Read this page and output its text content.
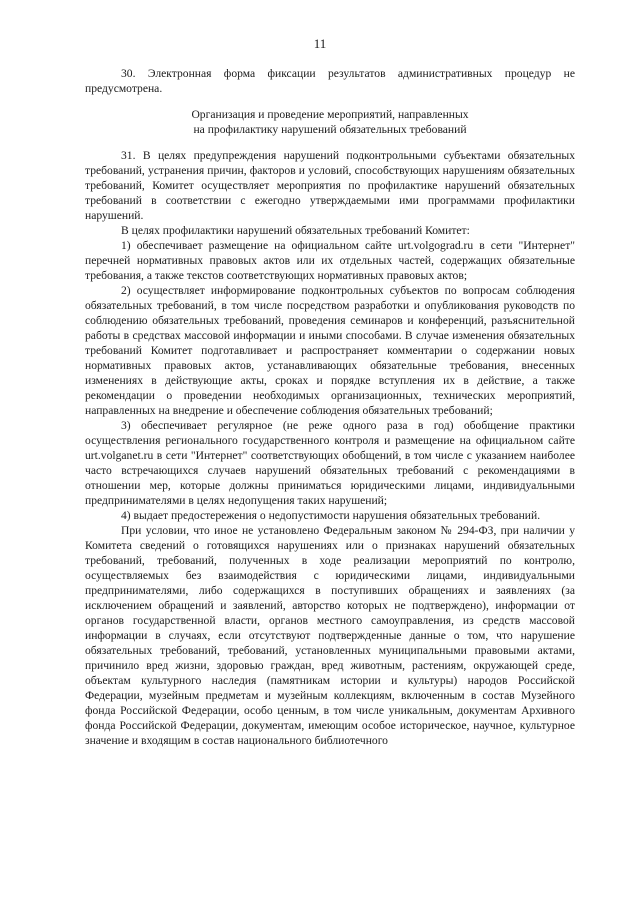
11

30. Электронная форма фиксации результатов административных процедур не предусмотрена.

Организация и проведение мероприятий, направленных
на профилактику нарушений обязательных требований

31. В целях предупреждения нарушений подконтрольными субъектами обязательных требований, устранения причин, факторов и условий, способствующих нарушениям обязательных требований, Комитет осуществляет мероприятия по профилактике нарушений обязательных требований в соответствии с ежегодно утверждаемыми ими программами профилактики нарушений.

В целях профилактики нарушений обязательных требований Комитет:

1) обеспечивает размещение на официальном сайте urt.volgograd.ru в сети "Интернет" перечней нормативных правовых актов или их отдельных частей, содержащих обязательные требования, а также текстов соответствующих нормативных правовых актов;

2) осуществляет информирование подконтрольных субъектов по вопросам соблюдения обязательных требований, в том числе посредством разработки и опубликования руководств по соблюдению обязательных требований, проведения семинаров и конференций, разъяснительной работы в средствах массовой информации и иными способами. В случае изменения обязательных требований Комитет подготавливает и распространяет комментарии о содержании новых нормативных правовых актов, устанавливающих обязательные требования, внесенных изменениях в действующие акты, сроках и порядке вступления их в действие, а также рекомендации о проведении необходимых организационных, технических мероприятий, направленных на внедрение и обеспечение соблюдения обязательных требований;

3) обеспечивает регулярное (не реже одного раза в год) обобщение практики осуществления регионального государственного контроля и размещение на официальном сайте urt.volganet.ru в сети "Интернет" соответствующих обобщений, в том числе с указанием наиболее часто встречающихся случаев нарушений обязательных требований с рекомендациями в отношении мер, которые должны приниматься юридическими лицами, индивидуальными предпринимателями в целях недопущения таких нарушений;

4) выдает предостережения о недопустимости нарушения обязательных требований.

При условии, что иное не установлено Федеральным законом № 294-ФЗ, при наличии у Комитета сведений о готовящихся нарушениях или о признаках нарушений обязательных требований, требований, полученных в ходе реализации мероприятий по контролю, осуществляемых без взаимодействия с юридическими лицами, индивидуальными предпринимателями, либо содержащихся в поступивших обращениях и заявлениях (за исключением обращений и заявлений, авторство которых не подтверждено), информации от органов государственной власти, органов местного самоуправления, из средств массовой информации в случаях, если отсутствуют подтвержденные данные о том, что нарушение обязательных требований, требований, установленных муниципальными правовыми актами, причинило вред жизни, здоровью граждан, вред животным, растениям, окружающей среде, объектам культурного наследия (памятникам истории и культуры) народов Российской Федерации, музейным предметам и музейным коллекциям, включенным в состав Музейного фонда Российской Федерации, особо ценным, в том числе уникальным, документам Архивного фонда Российской Федерации, документам, имеющим особое историческое, научное, культурное значение и входящим в состав национального библиотечного
